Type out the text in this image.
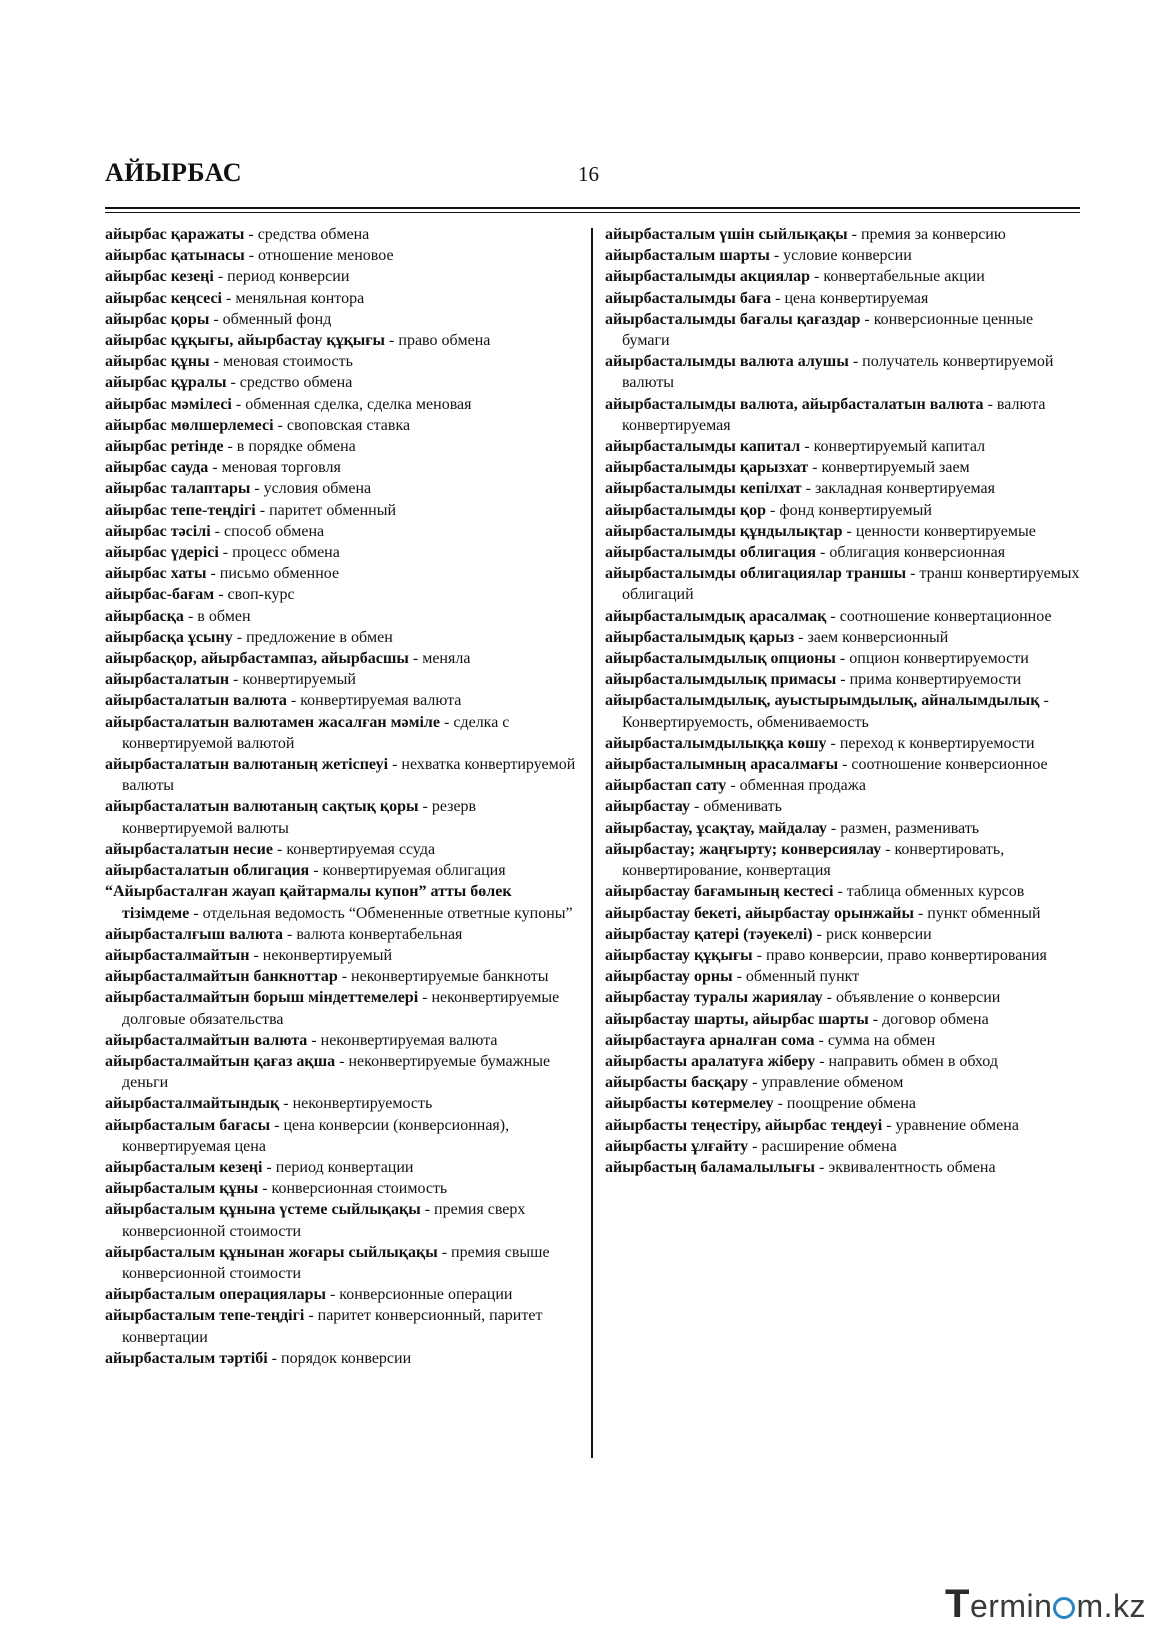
АЙЫРБАС	16

айырбас қаражаты - средства обмена

айырбас қатынасы - отношение меновое

айырбас кезеңі - период конверсии

айырбас кеңсесі - меняльная контора

айырбас қоры - обменный фонд

айырбас құқығы, айырбастау құқығы - право обмена

айырбас құны - меновая стоимость

айырбас құралы - средство обмена

айырбас мәмілесі - обменная сделка, сделка меновая

айырбас мөлшерлемесі - своповская ставка

айырбас ретінде - в порядке обмена

айырбас сауда - меновая торговля

айырбас талаптары - условия обмена

айырбас тепе-теңдігі - паритет обменный

айырбас тәсілі - способ обмена

айырбас үдерісі - процесс обмена

айырбас хаты - письмо обменное

айырбас-бағам - своп-курс

айырбасқа - в обмен

айырбасқа ұсыну - предложение в обмен

айырбасқор, айырбастампаз, айырбасшы - меняла

айырбасталатын - конвертируемый

айырбасталатын валюта - конвертируемая валюта

айырбасталатын валютамен жасалған мәміле - сделка с конвертируемой валютой

айырбасталатын валютаның жетіспеуі - нехватка конвертируемой валюты

айырбасталатын валютаның сақтық қоры - резерв конвертируемой валюты

айырбасталатын несие - конвертируемая ссуда

айырбасталатын облигация - конвертируемая облигация

“Айырбасталған жауап қайтармалы купон” атты бөлек тізімдеме - отдельная ведомость “Обмененные ответные купоны”

айырбасталғыш валюта - валюта конвертабельная

айырбасталмайтын - неконвертируемый

айырбасталмайтын банкноттар - неконвертируемые банкноты

айырбасталмайтын борыш міндеттемелері - неконвертируемые долговые обязательства

айырбасталмайтын валюта - неконвертируемая валюта

айырбасталмайтын қағаз ақша - неконвертируемые бумажные деньги

айырбасталмайтындық - неконвертируемость

айырбасталым бағасы - цена конверсии (конверсионная), конвертируемая цена

айырбасталым кезеңі - период конвертации

айырбасталым құны - конверсионная стоимость

айырбасталым құнына үстеме сыйлықақы - премия сверх конверсионной стоимости

айырбасталым құнынан жоғары сыйлықақы - премия свыше конверсионной стоимости

айырбасталым операциялары - конверсионные операции

айырбасталым тепе-теңдігі - паритет конверсионный, паритет конвертации

айырбасталым тәртібі - порядок конверсии

айырбасталым үшін сыйлықақы - премия за конверсию

айырбасталым шарты - условие конверсии

айырбасталымды акциялар - конвертабельные акции

айырбасталымды баға - цена конвертируемая

айырбасталымды бағалы қағаздар - конверсионные ценные бумаги

айырбасталымды валюта алушы - получатель конвертируемой валюты

айырбасталымды валюта, айырбасталатын валюта - валюта конвертируемая

айырбасталымды капитал - конвертируемый капитал

айырбасталымды қарызхат - конвертируемый заем

айырбасталымды кепілхат - закладная конвертируемая

айырбасталымды қор - фонд конвертируемый

айырбасталымды құндылықтар - ценности конвертируемые

айырбасталымды облигация - облигация конверсионная

айырбасталымды облигациялар траншы - транш конвертируемых облигаций

айырбасталымдық арасалмақ - соотношение конвертационное

айырбасталымдық қарыз - заем конверсионный

айырбасталымдылық опционы - опцион конвертируемости

айырбасталымдылық примасы - прима конвертируемости

айырбасталымдылық, ауыстырымдылық, айналымдылық - Конвертируемость, обмениваемость

айырбасталымдылыққа көшу - переход к конвертируемости

айырбасталымның арасалмағы - соотношение конверсионное

айырбастап сату - обменная продажа

айырбастау - обменивать

айырбастау, ұсақтау, майдалау - размен, разменивать

айырбастау; жаңғырту; конверсиялау - конвертировать, конвертирование, конвертация

айырбастау бағамының кестесі - таблица обменных курсов

айырбастау бекеті, айырбастау орынжайы - пункт обменный

айырбастау қатері (тәуекелі) - риск конверсии

айырбастау құқығы - право конверсии, право конвертирования

айырбастау орны - обменный пункт

айырбастау туралы жариялау - объявление о конверсии

айырбастау шарты, айырбас шарты - договор обмена

айырбастауға арналған сома - сумма на обмен

айырбасты аралатуға жіберу - направить обмен в обход

айырбасты басқару - управление обменом

айырбасты көтермелеу - поощрение обмена

айырбасты теңестіру, айырбас теңдеуі - уравнение обмена

айырбасты ұлғайту - расширение обмена

айырбастың баламалылығы - эквивалентность обмена

Termin m.kz
